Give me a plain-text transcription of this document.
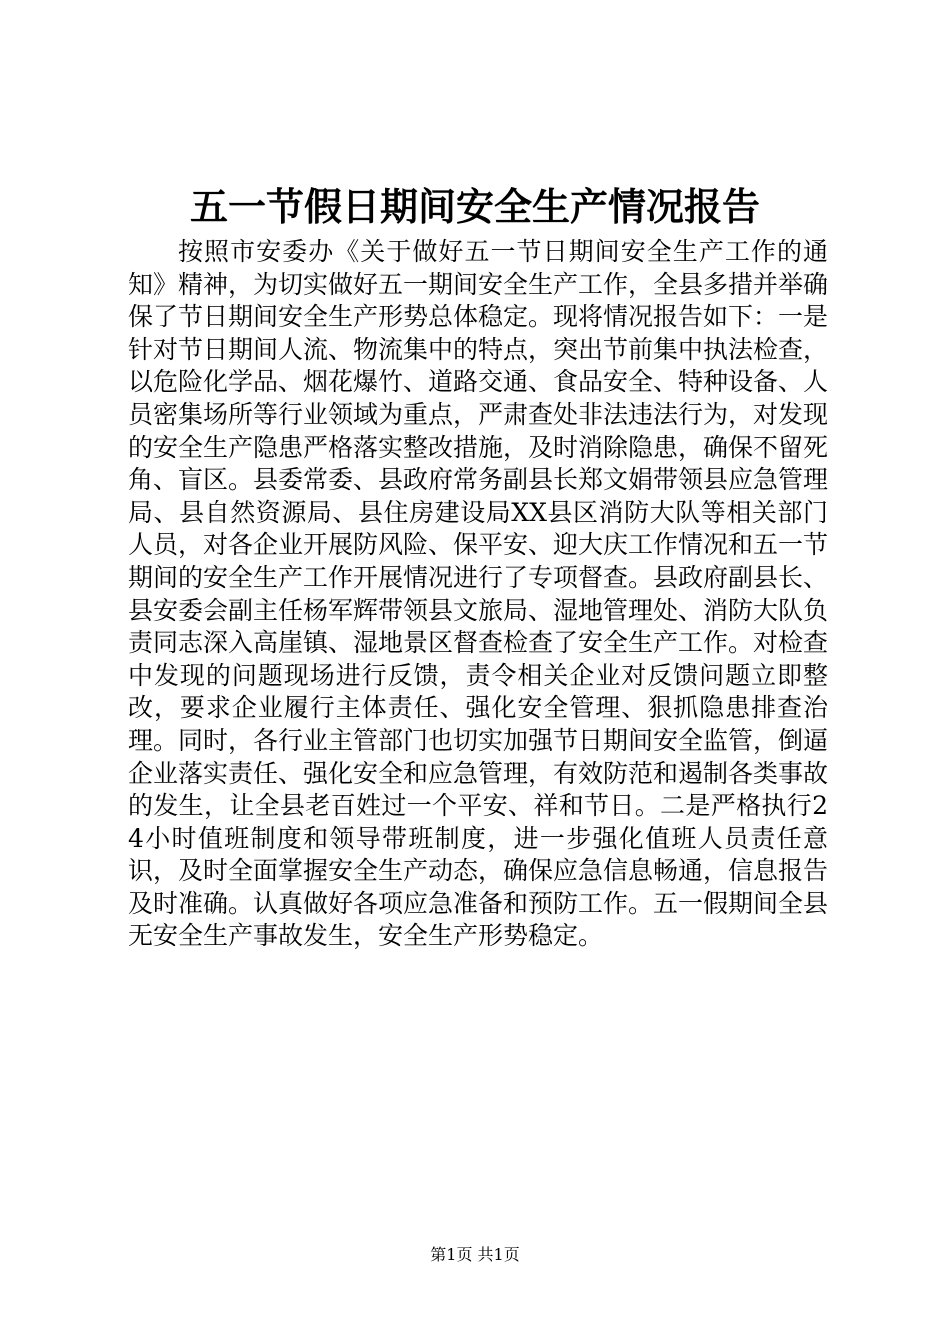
五一节假日期间安全生产情况报告

按照市安委办《关于做好五一节日期间安全生产工作的通知》精神，为切实做好五一期间安全生产工作，全县多措并举确保了节日期间安全生产形势总体稳定。现将情况报告如下：一是针对节日期间人流、物流集中的特点，突出节前集中执法检查，以危险化学品、烟花爆竹、道路交通、食品安全、特种设备、人员密集场所等行业领域为重点，严肃查处非法违法行为，对发现的安全生产隐患严格落实整改措施，及时消除隐患，确保不留死角、盲区。县委常委、县政府常务副县长郑文娟带领县应急管理局、县自然资源局、县住房建设局XX县区消防大队等相关部门人员，对各企业开展防风险、保平安、迎大庆工作情况和五一节期间的安全生产工作开展情况进行了专项督查。县政府副县长、县安委会副主任杨军辉带领县文旅局、湿地管理处、消防大队负责同志深入高崖镇、湿地景区督查检查了安全生产工作。对检查中发现的问题现场进行反馈，责令相关企业对反馈问题立即整改，要求企业履行主体责任、强化安全管理、狠抓隐患排查治理。同时，各行业主管部门也切实加强节日期间安全监管，倒逼企业落实责任、强化安全和应急管理，有效防范和遏制各类事故的发生，让全县老百姓过一个平安、祥和节日。二是严格执行24小时值班制度和领导带班制度，进一步强化值班人员责任意识，及时全面掌握安全生产动态，确保应急信息畅通，信息报告及时准确。认真做好各项应急准备和预防工作。五一假期间全县无安全生产事故发生，安全生产形势稳定。

第1页 共1页
